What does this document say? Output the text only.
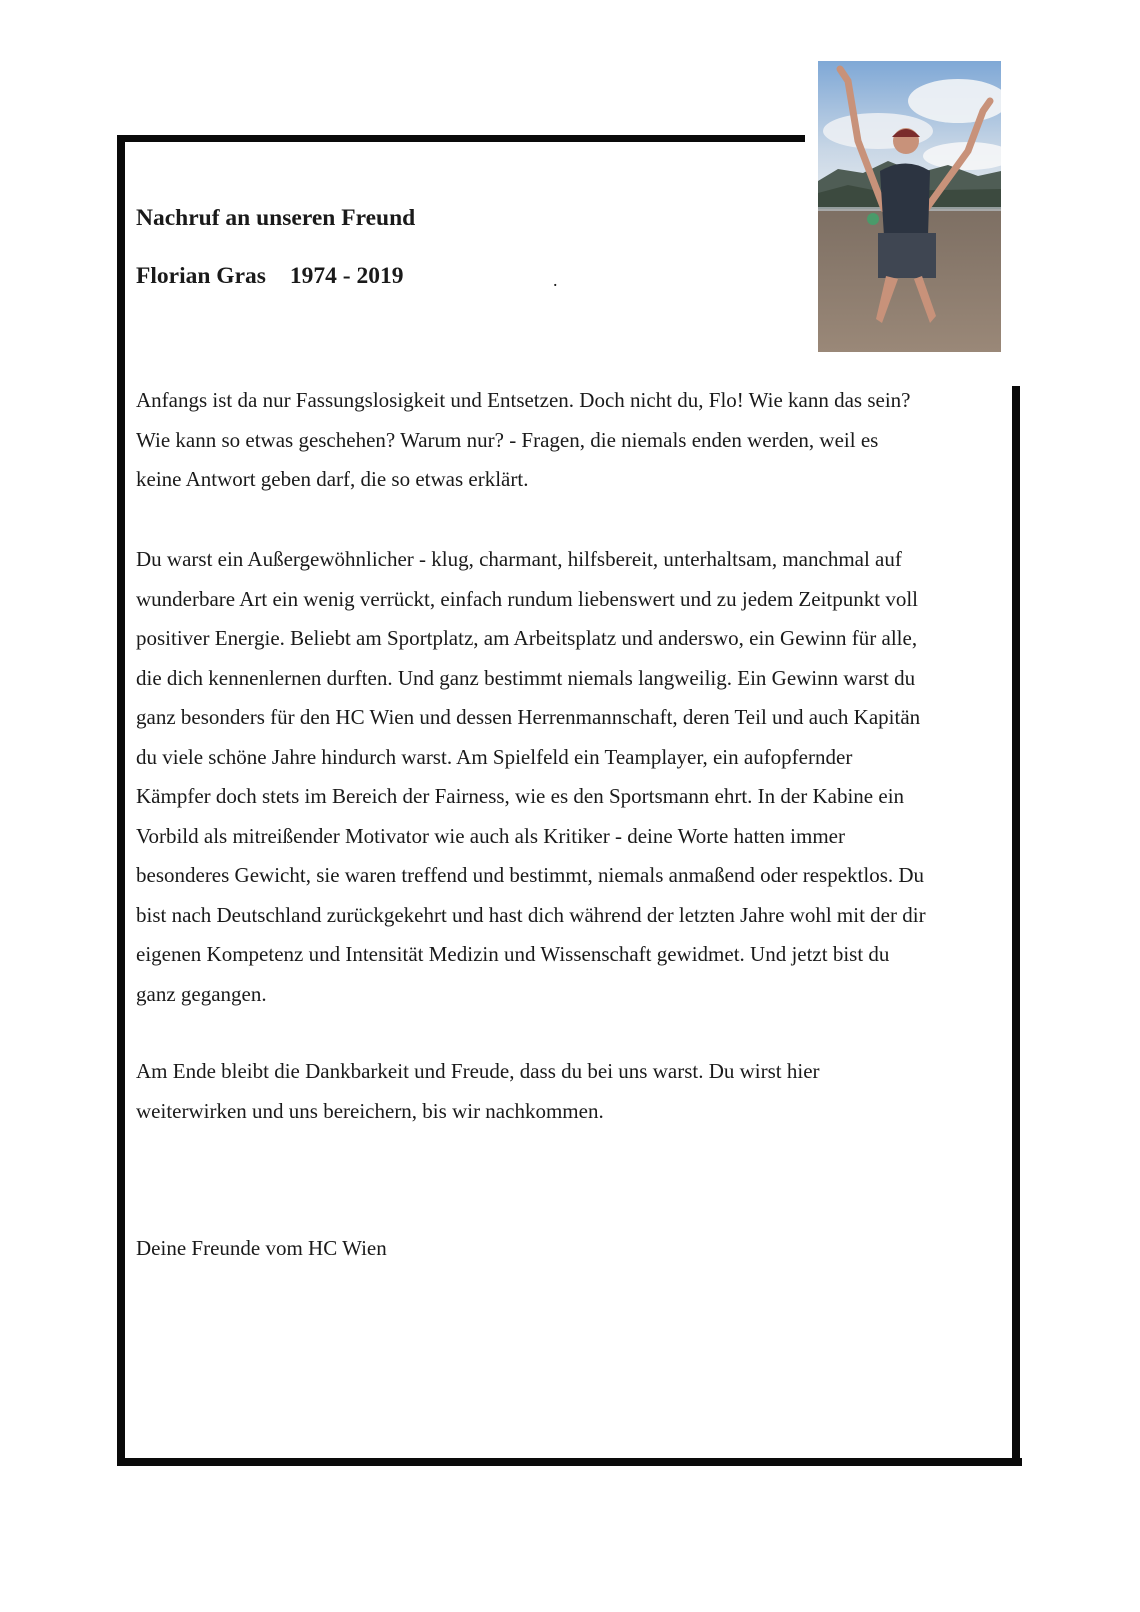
Nachruf an unseren Freund
Florian Gras 1974 - 2019	.

Anfangs ist da nur Fassungslosigkeit und Entsetzen. Doch nicht du, Flo! Wie kann das sein?
Wie kann so etwas geschehen? Warum nur? - Fragen, die niemals enden werden, weil es
keine Antwort geben darf, die so etwas erklärt.

Du warst ein Außergewöhnlicher - klug, charmant, hilfsbereit, unterhaltsam, manchmal auf
wunderbare Art ein wenig verrückt, einfach rundum liebenswert und zu jedem Zeitpunkt voll
positiver Energie. Beliebt am Sportplatz, am Arbeitsplatz und anderswo, ein Gewinn für alle,
die dich kennenlernen durften. Und ganz bestimmt niemals langweilig. Ein Gewinn warst du
ganz besonders für den HC Wien und dessen Herrenmannschaft, deren Teil und auch Kapitän
du viele schöne Jahre hindurch warst. Am Spielfeld ein Teamplayer, ein aufopfernder
Kämpfer doch stets im Bereich der Fairness, wie es den Sportsmann ehrt. In der Kabine ein
Vorbild als mitreißender Motivator wie auch als Kritiker - deine Worte hatten immer
besonderes Gewicht, sie waren treffend und bestimmt, niemals anmaßend oder respektlos. Du
bist nach Deutschland zurückgekehrt und hast dich während der letzten Jahre wohl mit der dir
eigenen Kompetenz und Intensität Medizin und Wissenschaft gewidmet. Und jetzt bist du
ganz gegangen.

Am Ende bleibt die Dankbarkeit und Freude, dass du bei uns warst. Du wirst hier
weiterwirken und uns bereichern, bis wir nachkommen.

Deine Freunde vom HC Wien
